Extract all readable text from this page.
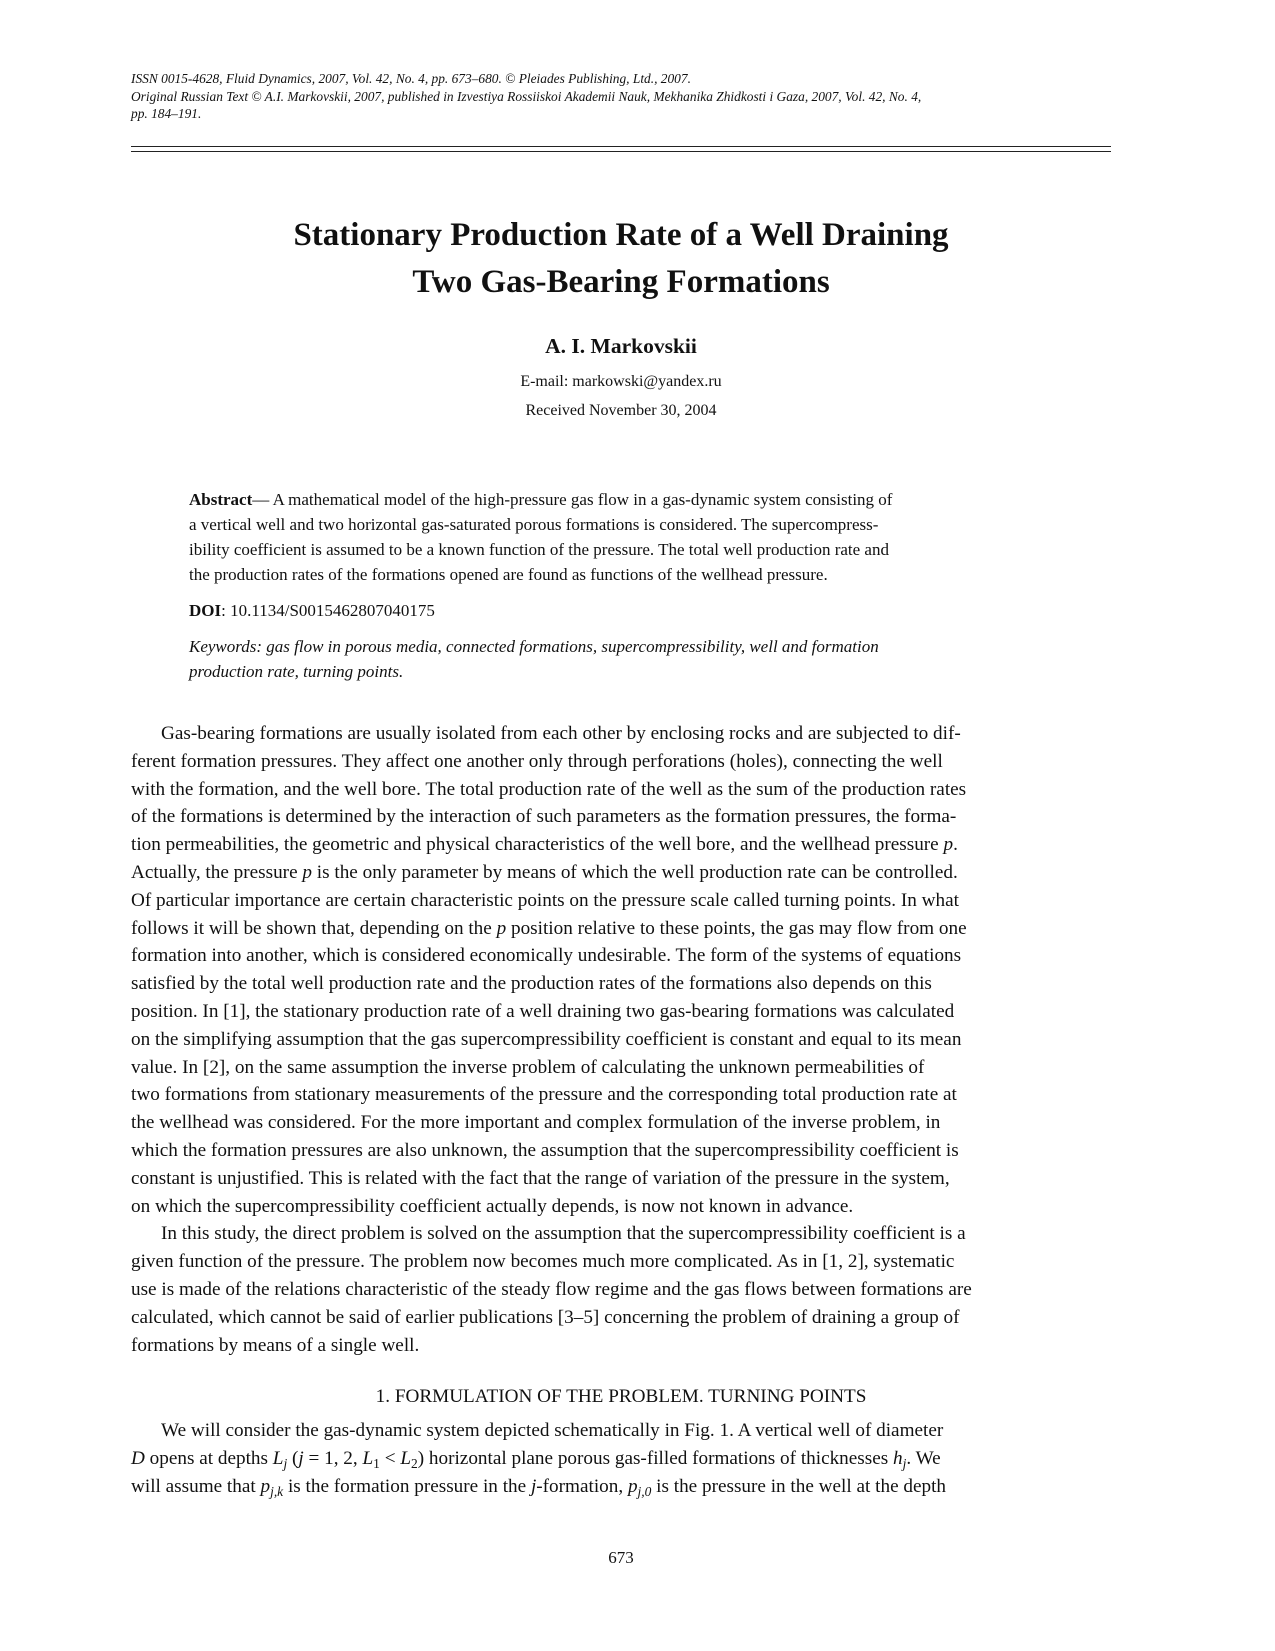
ISSN 0015-4628, Fluid Dynamics, 2007, Vol. 42, No. 4, pp. 673–680. © Pleiades Publishing, Ltd., 2007.
Original Russian Text © A.I. Markovskii, 2007, published in Izvestiya Rossiiskoi Akademii Nauk, Mekhanika Zhidkosti i Gaza, 2007, Vol. 42, No. 4,
pp. 184–191.
Stationary Production Rate of a Well Draining
Two Gas-Bearing Formations
A. I. Markovskii
E-mail: markowski@yandex.ru
Received November 30, 2004
Abstract— A mathematical model of the high-pressure gas flow in a gas-dynamic system consisting of
a vertical well and two horizontal gas-saturated porous formations is considered. The supercompress-
ibility coefficient is assumed to be a known function of the pressure. The total well production rate and
the production rates of the formations opened are found as functions of the wellhead pressure.
DOI: 10.1134/S0015462807040175
Keywords: gas flow in porous media, connected formations, supercompressibility, well and formation
production rate, turning points.
Gas-bearing formations are usually isolated from each other by enclosing rocks and are subjected to dif-
ferent formation pressures. They affect one another only through perforations (holes), connecting the well
with the formation, and the well bore. The total production rate of the well as the sum of the production rates
of the formations is determined by the interaction of such parameters as the formation pressures, the forma-
tion permeabilities, the geometric and physical characteristics of the well bore, and the wellhead pressure p.
Actually, the pressure p is the only parameter by means of which the well production rate can be controlled.
Of particular importance are certain characteristic points on the pressure scale called turning points. In what
follows it will be shown that, depending on the p position relative to these points, the gas may flow from one
formation into another, which is considered economically undesirable. The form of the systems of equations
satisfied by the total well production rate and the production rates of the formations also depends on this
position. In [1], the stationary production rate of a well draining two gas-bearing formations was calculated
on the simplifying assumption that the gas supercompressibility coefficient is constant and equal to its mean
value. In [2], on the same assumption the inverse problem of calculating the unknown permeabilities of
two formations from stationary measurements of the pressure and the corresponding total production rate at
the wellhead was considered. For the more important and complex formulation of the inverse problem, in
which the formation pressures are also unknown, the assumption that the supercompressibility coefficient is
constant is unjustified. This is related with the fact that the range of variation of the pressure in the system,
on which the supercompressibility coefficient actually depends, is now not known in advance.
In this study, the direct problem is solved on the assumption that the supercompressibility coefficient is a
given function of the pressure. The problem now becomes much more complicated. As in [1, 2], systematic
use is made of the relations characteristic of the steady flow regime and the gas flows between formations are
calculated, which cannot be said of earlier publications [3–5] concerning the problem of draining a group of
formations by means of a single well.
1. FORMULATION OF THE PROBLEM. TURNING POINTS
We will consider the gas-dynamic system depicted schematically in Fig. 1. A vertical well of diameter
D opens at depths $L_j$ (j = 1, 2, $L_1 < L_2$) horizontal plane porous gas-filled formations of thicknesses $h_j$. We
will assume that $p_{j,k}$ is the formation pressure in the j-formation, $p_{j,0}$ is the pressure in the well at the depth
673
